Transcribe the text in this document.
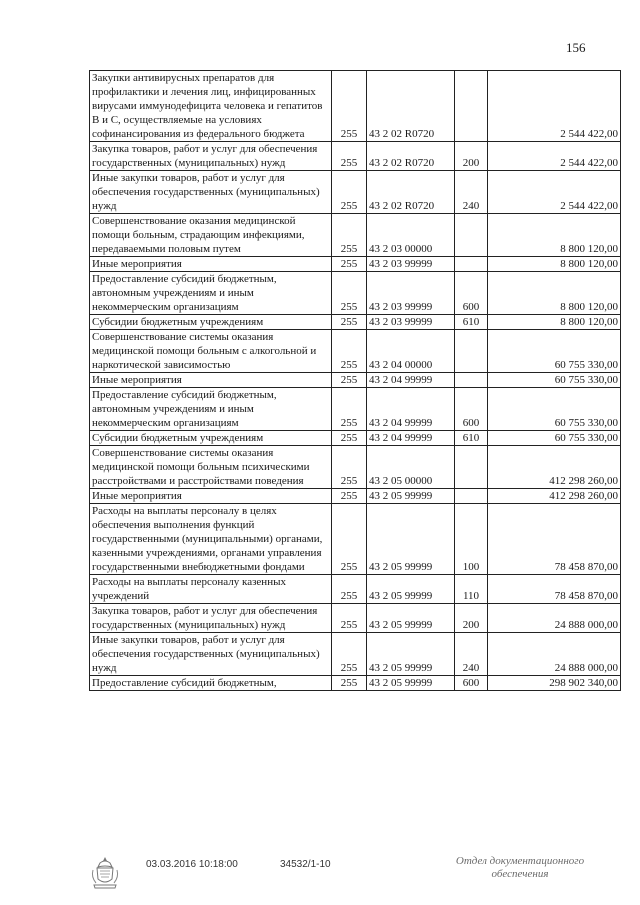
156
Закупки антивирусных препаратов для профилактики и лечения лиц, инфицированных вирусами иммунодефицита человека и гепатитов В и С, осуществляемые на условиях софинансирования из федерального бюджета	255	43 2 02 R0720		2 544 422,00
Закупка товаров, работ и услуг для обеспечения государственных (муниципальных) нужд	255	43 2 02 R0720	200	2 544 422,00
Иные закупки товаров, работ и услуг для обеспечения государственных (муниципальных) нужд	255	43 2 02 R0720	240	2 544 422,00
Совершенствование оказания медицинской помощи больным, страдающим инфекциями, передаваемыми половым путем	255	43 2 03 00000		8 800 120,00
Иные мероприятия	255	43 2 03 99999		8 800 120,00
Предоставление субсидий бюджетным, автономным учреждениям и иным некоммерческим организациям	255	43 2 03 99999	600	8 800 120,00
Субсидии бюджетным учреждениям	255	43 2 03 99999	610	8 800 120,00
Совершенствование системы оказания медицинской помощи больным с алкогольной и наркотической зависимостью	255	43 2 04 00000		60 755 330,00
Иные мероприятия	255	43 2 04 99999		60 755 330,00
Предоставление субсидий бюджетным, автономным учреждениям и иным некоммерческим организациям	255	43 2 04 99999	600	60 755 330,00
Субсидии бюджетным учреждениям	255	43 2 04 99999	610	60 755 330,00
Совершенствование системы оказания медицинской помощи больным психическими расстройствами и расстройствами поведения	255	43 2 05 00000		412 298 260,00
Иные мероприятия	255	43 2 05 99999		412 298 260,00
Расходы на выплаты персоналу в целях обеспечения выполнения функций государственными (муниципальными) органами, казенными учреждениями, органами управления государственными внебюджетными фондами	255	43 2 05 99999	100	78 458 870,00
Расходы на выплаты персоналу казенных учреждений	255	43 2 05 99999	110	78 458 870,00
Закупка товаров, работ и услуг для обеспечения государственных (муниципальных) нужд	255	43 2 05 99999	200	24 888 000,00
Иные закупки товаров, работ и услуг для обеспечения государственных (муниципальных) нужд	255	43 2 05 99999	240	24 888 000,00
Предоставление субсидий бюджетным,	255	43 2 05 99999	600	298 902 340,00
03.03.2016 10:18:00	34532/1-10	Отдел документационного
обеспечения
